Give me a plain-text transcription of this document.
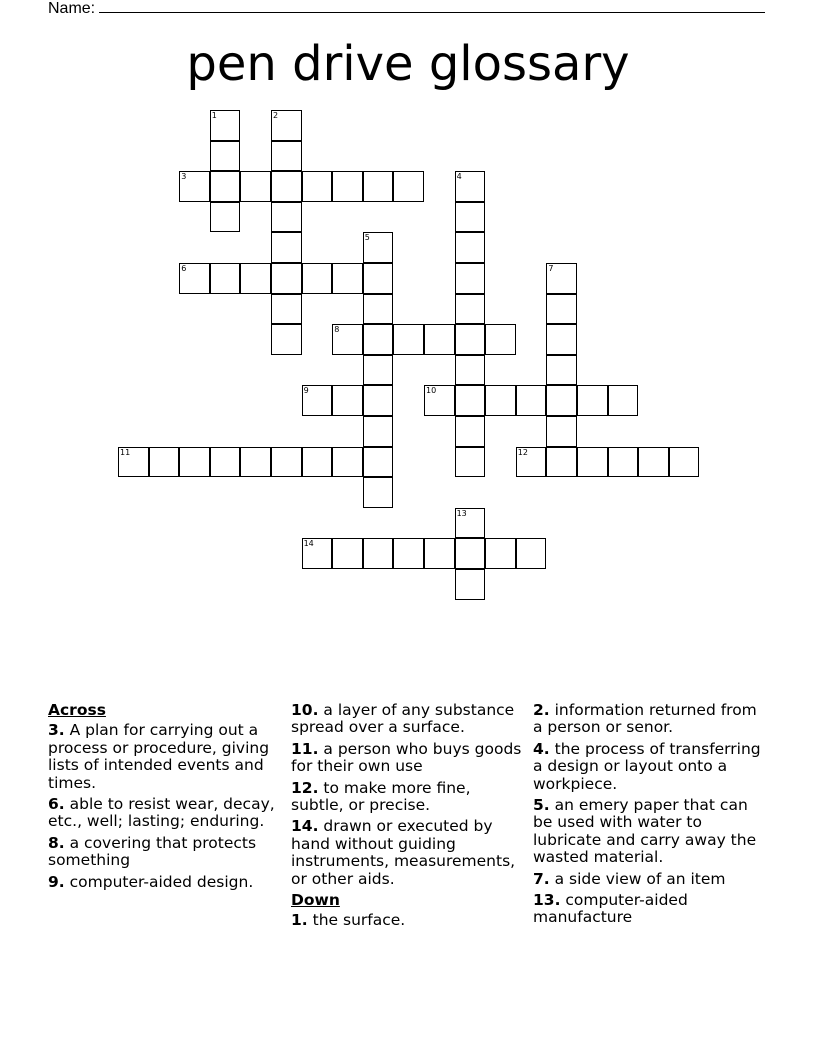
Name:
pen drive glossary
1	2
3	4
5
6	7
8
9	10
11	12
13
14
Across
3. A plan for carrying out a process or procedure, giving lists of intended events and times.
6. able to resist wear, decay, etc., well; lasting; enduring.
8. a covering that protects something
9. computer-aided design.
10. a layer of any substance spread over a surface.
11. a person who buys goods for their own use
12. to make more fine, subtle, or precise.
14. drawn or executed by hand without guiding instruments, measurements, or other aids.
Down
1. the surface.
2. information returned from a person or senor.
4. the process of transferring a design or layout onto a workpiece.
5. an emery paper that can be used with water to lubricate and carry away the wasted material.
7. a side view of an item
13. computer-aided manufacture
